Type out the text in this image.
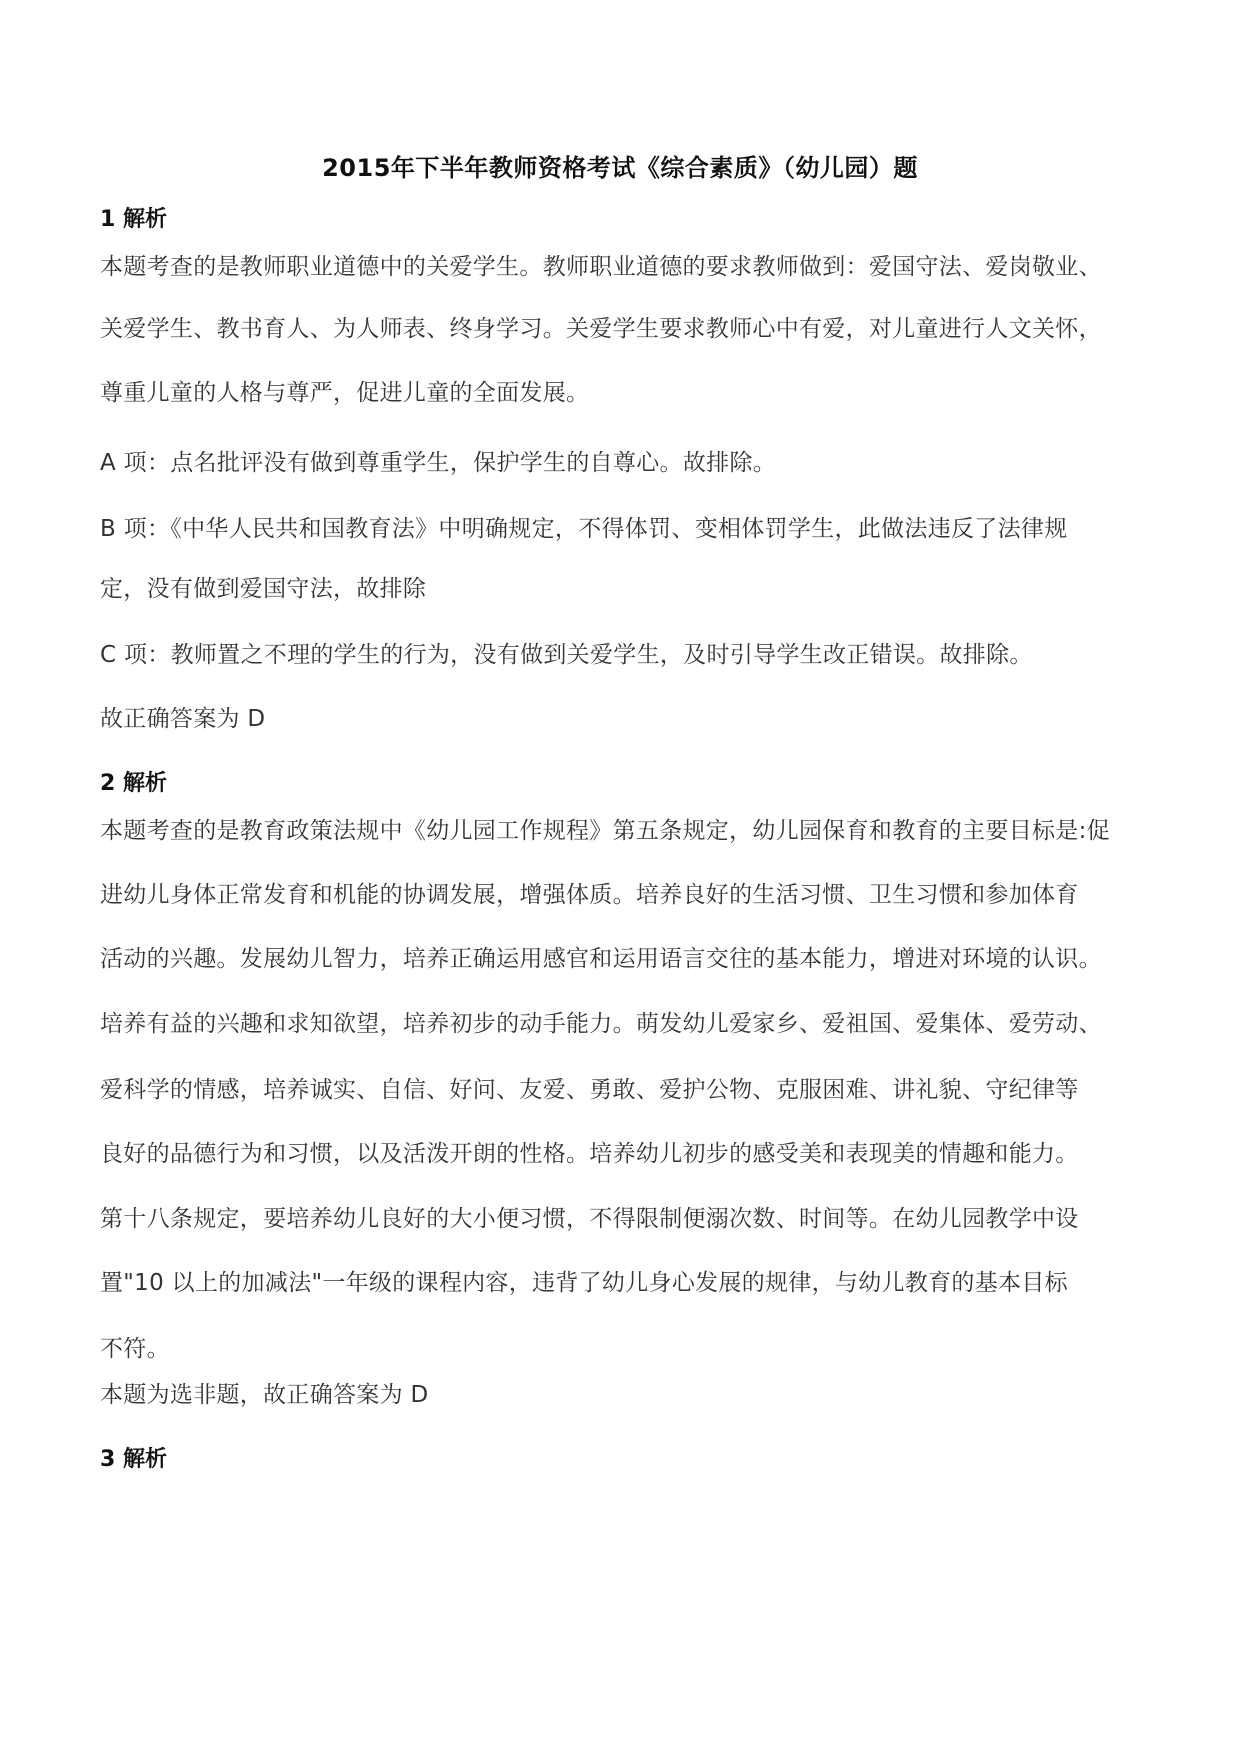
2015年下半年教师资格考试《综合素质》（幼儿园）题
1 解析
本题考查的是教师职业道德中的关爱学生。教师职业道德的要求教师做到：爱国守法、爱岗敬业、
关爱学生、教书育人、为人师表、终身学习。关爱学生要求教师心中有爱，对儿童进行人文关怀，
尊重儿童的人格与尊严，促进儿童的全面发展。
A 项：点名批评没有做到尊重学生，保护学生的自尊心。故排除。
B 项：《中华人民共和国教育法》中明确规定，不得体罚、变相体罚学生，此做法违反了法律规
定，没有做到爱国守法，故排除
C 项：教师置之不理的学生的行为，没有做到关爱学生，及时引导学生改正错误。故排除。
故正确答案为 D
2 解析
本题考查的是教育政策法规中《幼儿园工作规程》第五条规定，幼儿园保育和教育的主要目标是:促
进幼儿身体正常发育和机能的协调发展，增强体质。培养良好的生活习惯、卫生习惯和参加体育
活动的兴趣。发展幼儿智力，培养正确运用感官和运用语言交往的基本能力，增进对环境的认识。
培养有益的兴趣和求知欲望，培养初步的动手能力。萌发幼儿爱家乡、爱祖国、爱集体、爱劳动、
爱科学的情感，培养诚实、自信、好问、友爱、勇敢、爱护公物、克服困难、讲礼貌、守纪律等
良好的品德行为和习惯，以及活泼开朗的性格。培养幼儿初步的感受美和表现美的情趣和能力。
第十八条规定，要培养幼儿良好的大小便习惯，不得限制便溺次数、时间等。在幼儿园教学中设
置"10 以上的加减法"一年级的课程内容，违背了幼儿身心发展的规律，与幼儿教育的基本目标
不符。
本题为选非题，故正确答案为 D
3 解析
